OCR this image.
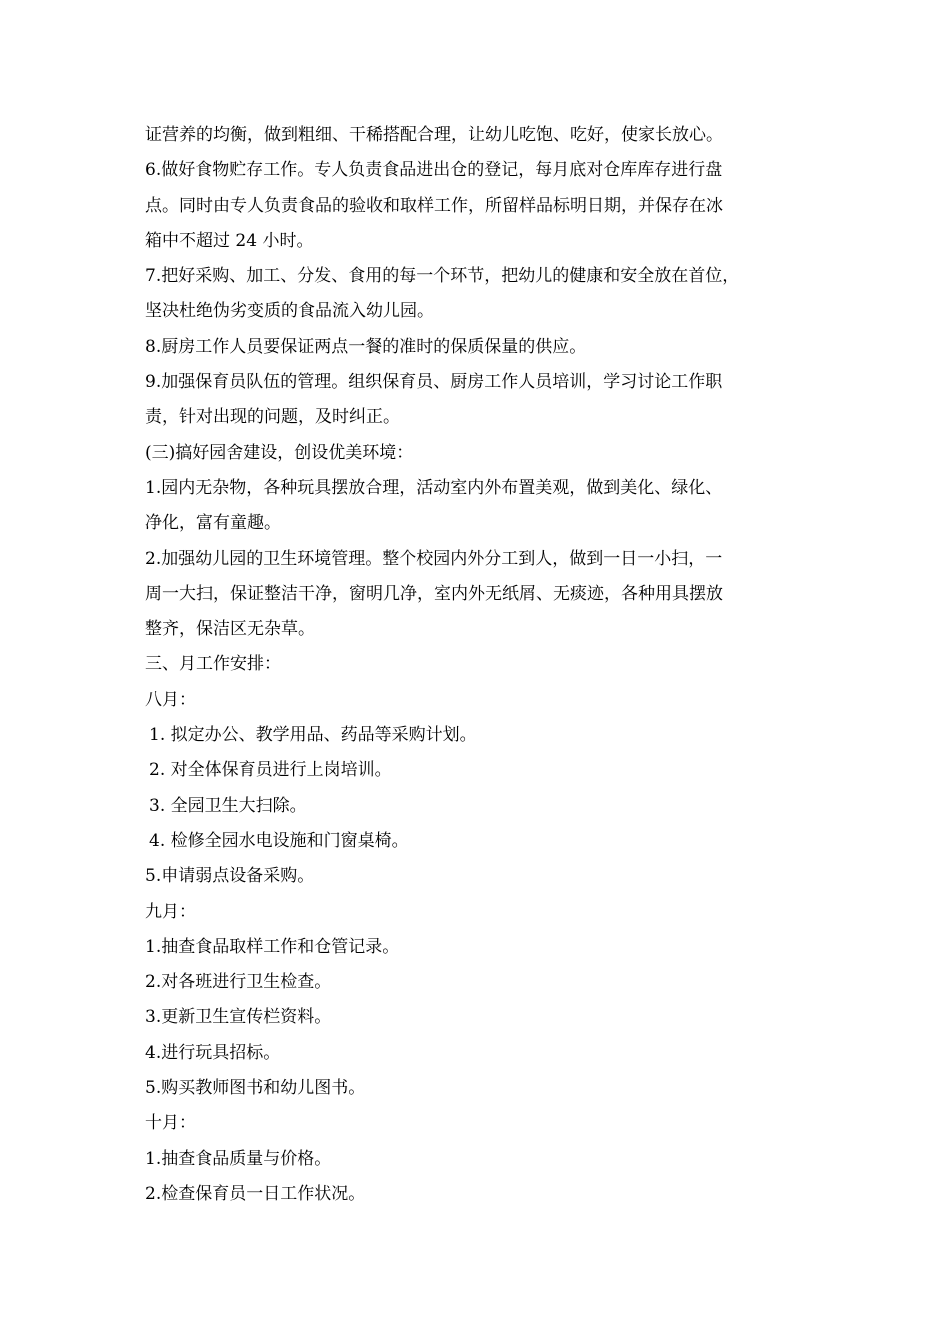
证营养的均衡，做到粗细、干稀搭配合理，让幼儿吃饱、吃好，使家长放心。
6.做好食物贮存工作。专人负责食品进出仓的登记，每月底对仓库库存进行盘
点。同时由专人负责食品的验收和取样工作，所留样品标明日期，并保存在冰
箱中不超过 24 小时。
7.把好采购、加工、分发、食用的每一个环节，把幼儿的健康和安全放在首位，
坚决杜绝伪劣变质的食品流入幼儿园。
8.厨房工作人员要保证两点一餐的准时的保质保量的供应。
9.加强保育员队伍的管理。组织保育员、厨房工作人员培训，学习讨论工作职
责，针对出现的问题，及时纠正。
(三)搞好园舍建设，创设优美环境：
1.园内无杂物，各种玩具摆放合理，活动室内外布置美观，做到美化、绿化、
净化，富有童趣。
2.加强幼儿园的卫生环境管理。整个校园内外分工到人，做到一日一小扫，一
周一大扫，保证整洁干净，窗明几净，室内外无纸屑、无痰迹，各种用具摆放
整齐，保洁区无杂草。
三、月工作安排：
八月：
1. 拟定办公、教学用品、药品等采购计划。
2. 对全体保育员进行上岗培训。
3. 全园卫生大扫除。
4. 检修全园水电设施和门窗桌椅。
5.申请弱点设备采购。
九月：
1.抽查食品取样工作和仓管记录。
2.对各班进行卫生检查。
3.更新卫生宣传栏资料。
4.进行玩具招标。
5.购买教师图书和幼儿图书。
十月：
1.抽查食品质量与价格。
2.检查保育员一日工作状况。
